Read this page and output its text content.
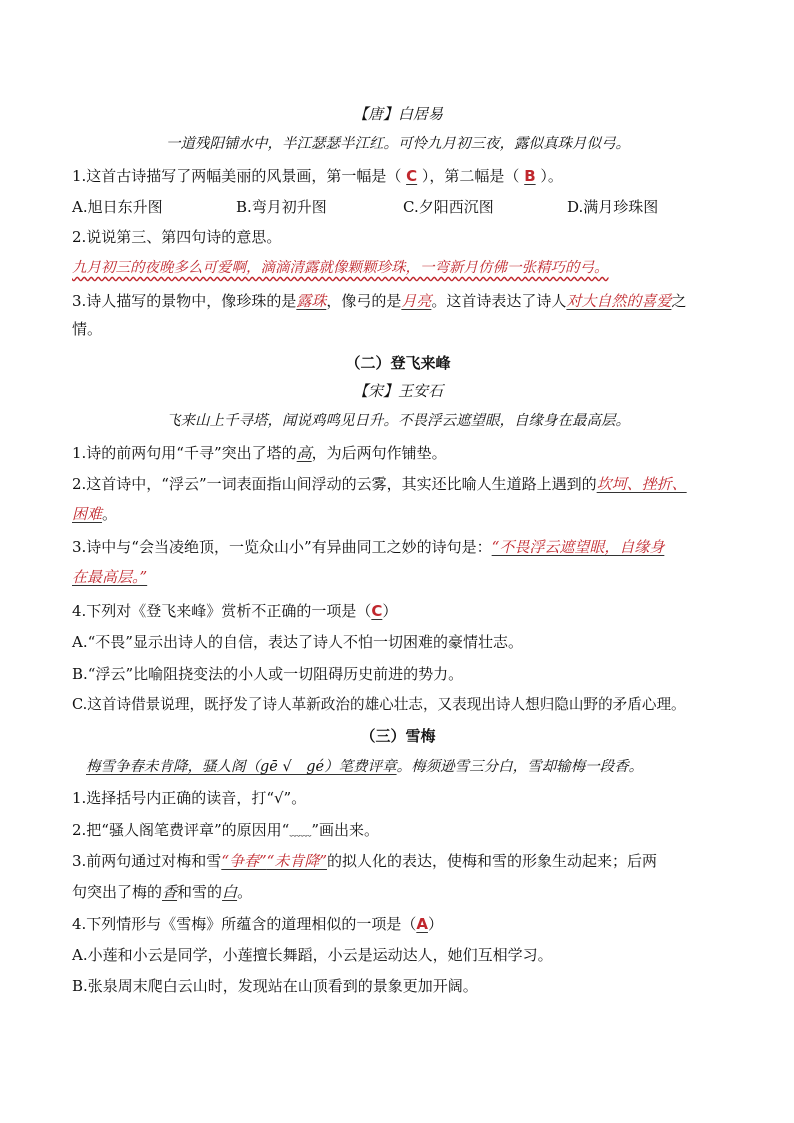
【唐】白居易
一道残阳铺水中，半江瑟瑟半江红。可怜九月初三夜，露似真珠月似弓。
1.这首古诗描写了两幅美丽的风景画，第一幅是（ C ），第二幅是（ B ）。
A.旭日东升图	B.弯月初升图	C.夕阳西沉图	D.满月珍珠图
2.说说第三、第四句诗的意思。
九月初三的夜晚多么可爱啊，滴滴清露就像颗颗珍珠，一弯新月仿佛一张精巧的弓。
3.诗人描写的景物中，像珍珠的是露珠，像弓的是月亮。这首诗表达了诗人对大自然的喜爱之
情。
（二）登飞来峰
【宋】王安石
飞来山上千寻塔，闻说鸡鸣见日升。不畏浮云遮望眼，自缘身在最高层。
1.诗的前两句用“千寻”突出了塔的高，为后两句作铺垫。
2.这首诗中，“浮云”一词表面指山间浮动的云雾，其实还比喻人生道路上遇到的坎坷、挫折、
困难。
3.诗中与“会当凌绝顶，一览众山小”有异曲同工之妙的诗句是：“不畏浮云遮望眼，自缘身
在最高层。”
4.下列对《登飞来峰》赏析不正确的一项是（C）
A.“不畏”显示出诗人的自信，表达了诗人不怕一切困难的豪情壮志。
B.“浮云”比喻阻挠变法的小人或一切阻碍历史前进的势力。
C.这首诗借景说理，既抒发了诗人革新政治的雄心壮志，又表现出诗人想归隐山野的矛盾心理。
（三）雪梅
梅雪争春未肯降，骚人阁（gē √　gé）笔费评章。梅须逊雪三分白，雪却输梅一段香。
1.选择括号内正确的读音，打“√”。
2.把“骚人阁笔费评章”的原因用“﹏﹏”画出来。
3.前两句通过对梅和雪“争春”“未肯降”的拟人化的表达，使梅和雪的形象生动起来；后两
句突出了梅的香和雪的白。
4.下列情形与《雪梅》所蕴含的道理相似的一项是（A）
A.小莲和小云是同学，小莲擅长舞蹈，小云是运动达人，她们互相学习。
B.张泉周末爬白云山时，发现站在山顶看到的景象更加开阔。
